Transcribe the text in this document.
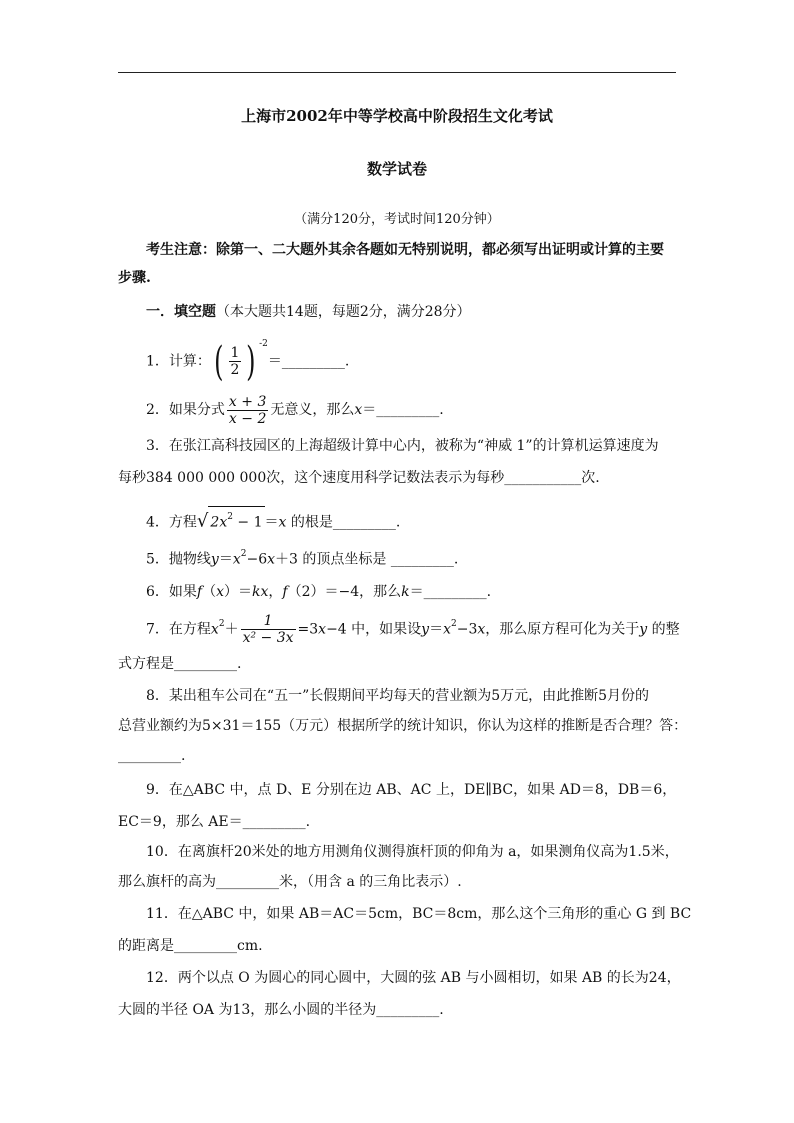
上海市2002年中等学校高中阶段招生文化考试
数学试卷
（满分120分，考试时间120分钟）
考生注意：除第一、二大题外其余各题如无特别说明，都必须写出证明或计算的主要
步骤.
一．填空题（本大题共14题，每题2分，满分28分）
1．计算：( $\frac{1}{2}$ ) $^{-2}$＝_________.
2．如果分式 $\frac{x + 3}{x - 2}$ 无意义，那么x＝_________.
3．在张江高科技园区的上海超级计算中心内，被称为“神威 1”的计算机运算速度为
每秒384 000 000 000次，这个速度用科学记数法表示为每秒___________次.
4．方程√ $2x^2 - 1 =x$ 的根是_________.
5．抛物线$y=x^2-6x+3$ 的顶点坐标是 _________.
6．如果f（x）＝kx，f（2）＝−4，那么k＝_________.
7．在方程$x^2+ \frac{1}{\text{x² − 3x}} =3x-4$ 中，如果设$y=x^2-3x$，那么原方程可化为关于y 的整
式方程是_________.
8．某出租车公司在“五一”长假期间平均每天的营业额为5万元，由此推断5月份的
总营业额约为5×31＝155（万元）根据所学的统计知识，你认为这样的推断是否合理？答：
_________.
9．在△ABC 中，点 D、E 分别在边 AB、AC 上，DE∥BC，如果 AD＝8，DB＝6，
EC＝9，那么 AE＝_________.
10．在离旗杆20米处的地方用测角仪测得旗杆顶的仰角为 a，如果测角仪高为1.5米，
那么旗杆的高为_________米，（用含 a 的三角比表示）.
11．在△ABC 中，如果 AB＝AC＝5cm，BC＝8cm，那么这个三角形的重心 G 到 BC
的距离是_________cm.
12．两个以点 O 为圆心的同心圆中，大圆的弦 AB 与小圆相切，如果 AB 的长为24，
大圆的半径 OA 为13，那么小圆的半径为_________.
